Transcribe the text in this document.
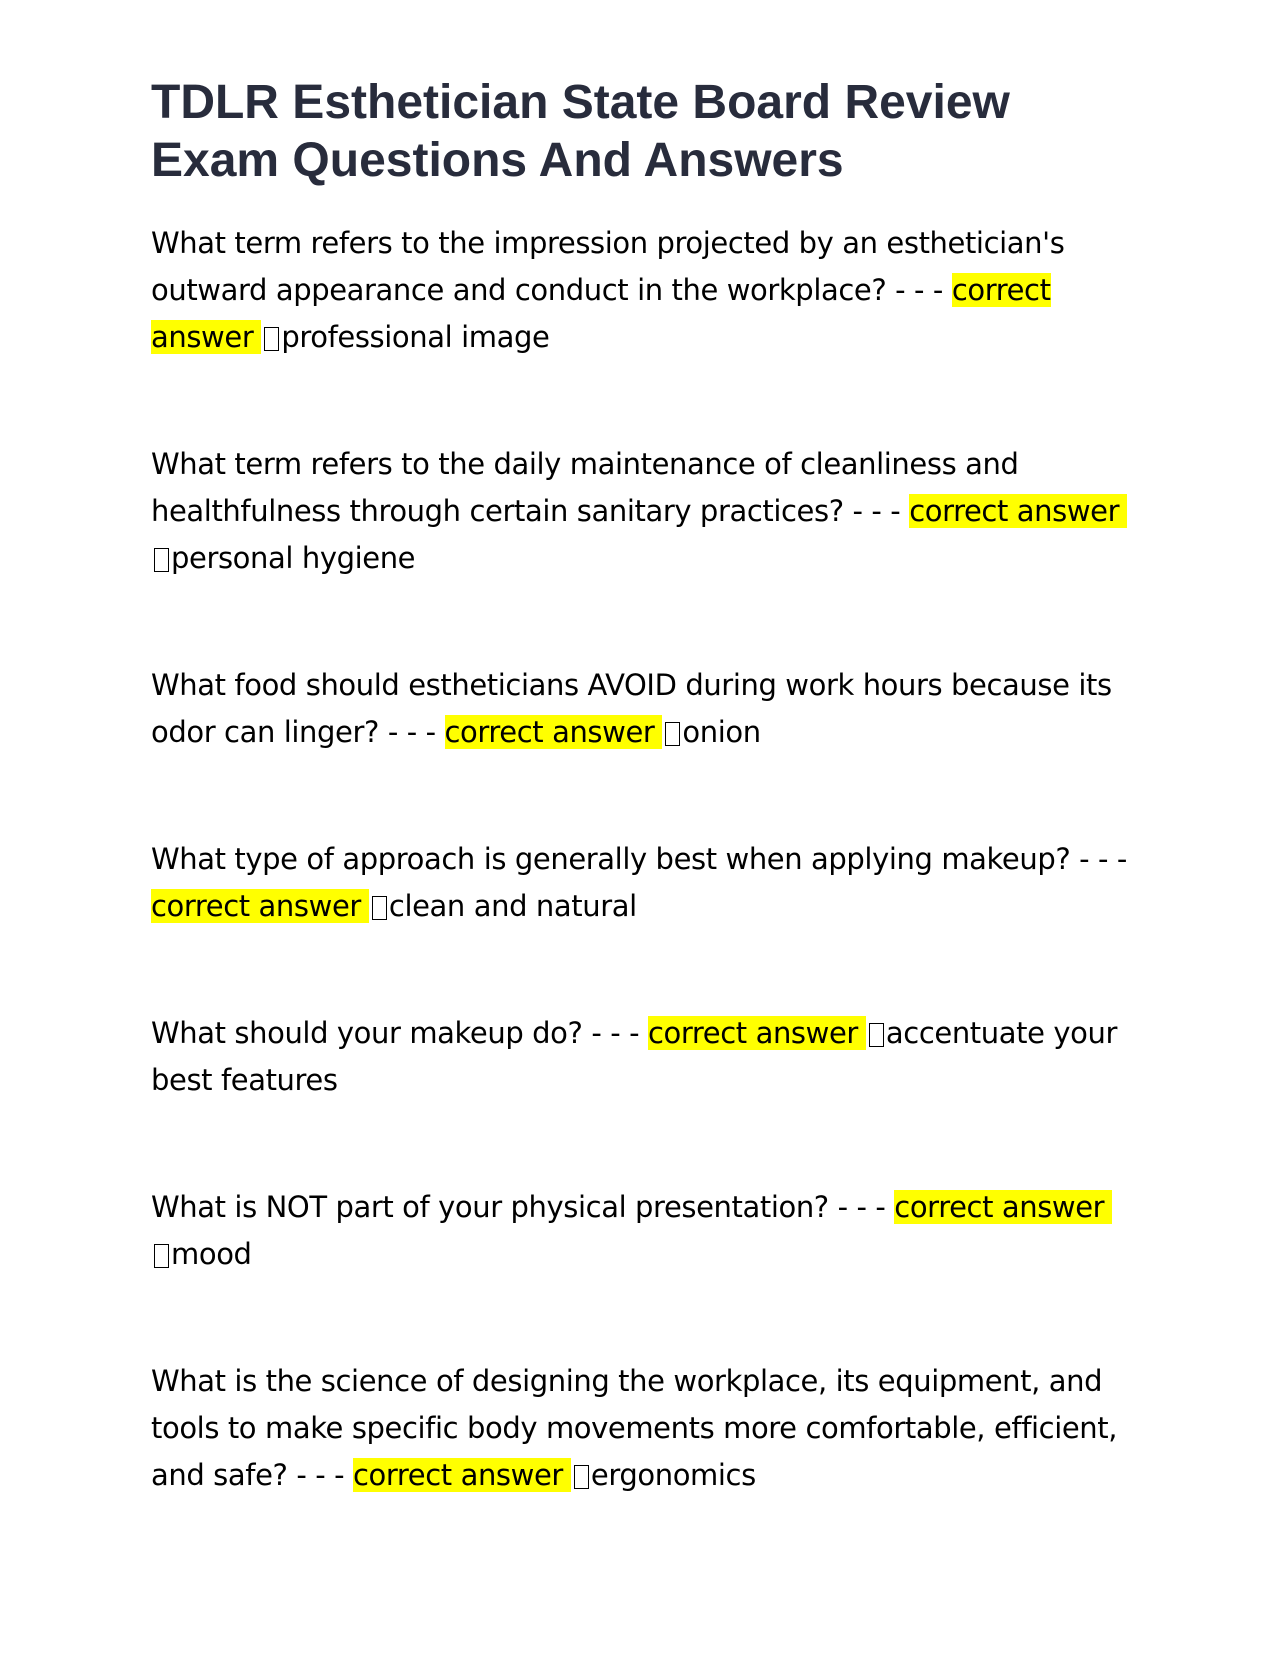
TDLR Esthetician State Board Review Exam Questions And Answers

What term refers to the impression projected by an esthetician's outward appearance and conduct in the workplace? - - - correct answer professional image

What term refers to the daily maintenance of cleanliness and healthfulness through certain sanitary practices? - - - correct answerpersonal hygiene

What food should estheticians AVOID during work hours because its odor can linger? - - - correct answer onion

What type of approach is generally best when applying makeup? - - - correct answer clean and natural

What should your makeup do? - - - correct answer accentuate your best features

What is NOT part of your physical presentation? - - - correct answermood

What is the science of designing the workplace, its equipment, and tools to make specific body movements more comfortable, efficient, and safe? - - - correct answer ergonomics
